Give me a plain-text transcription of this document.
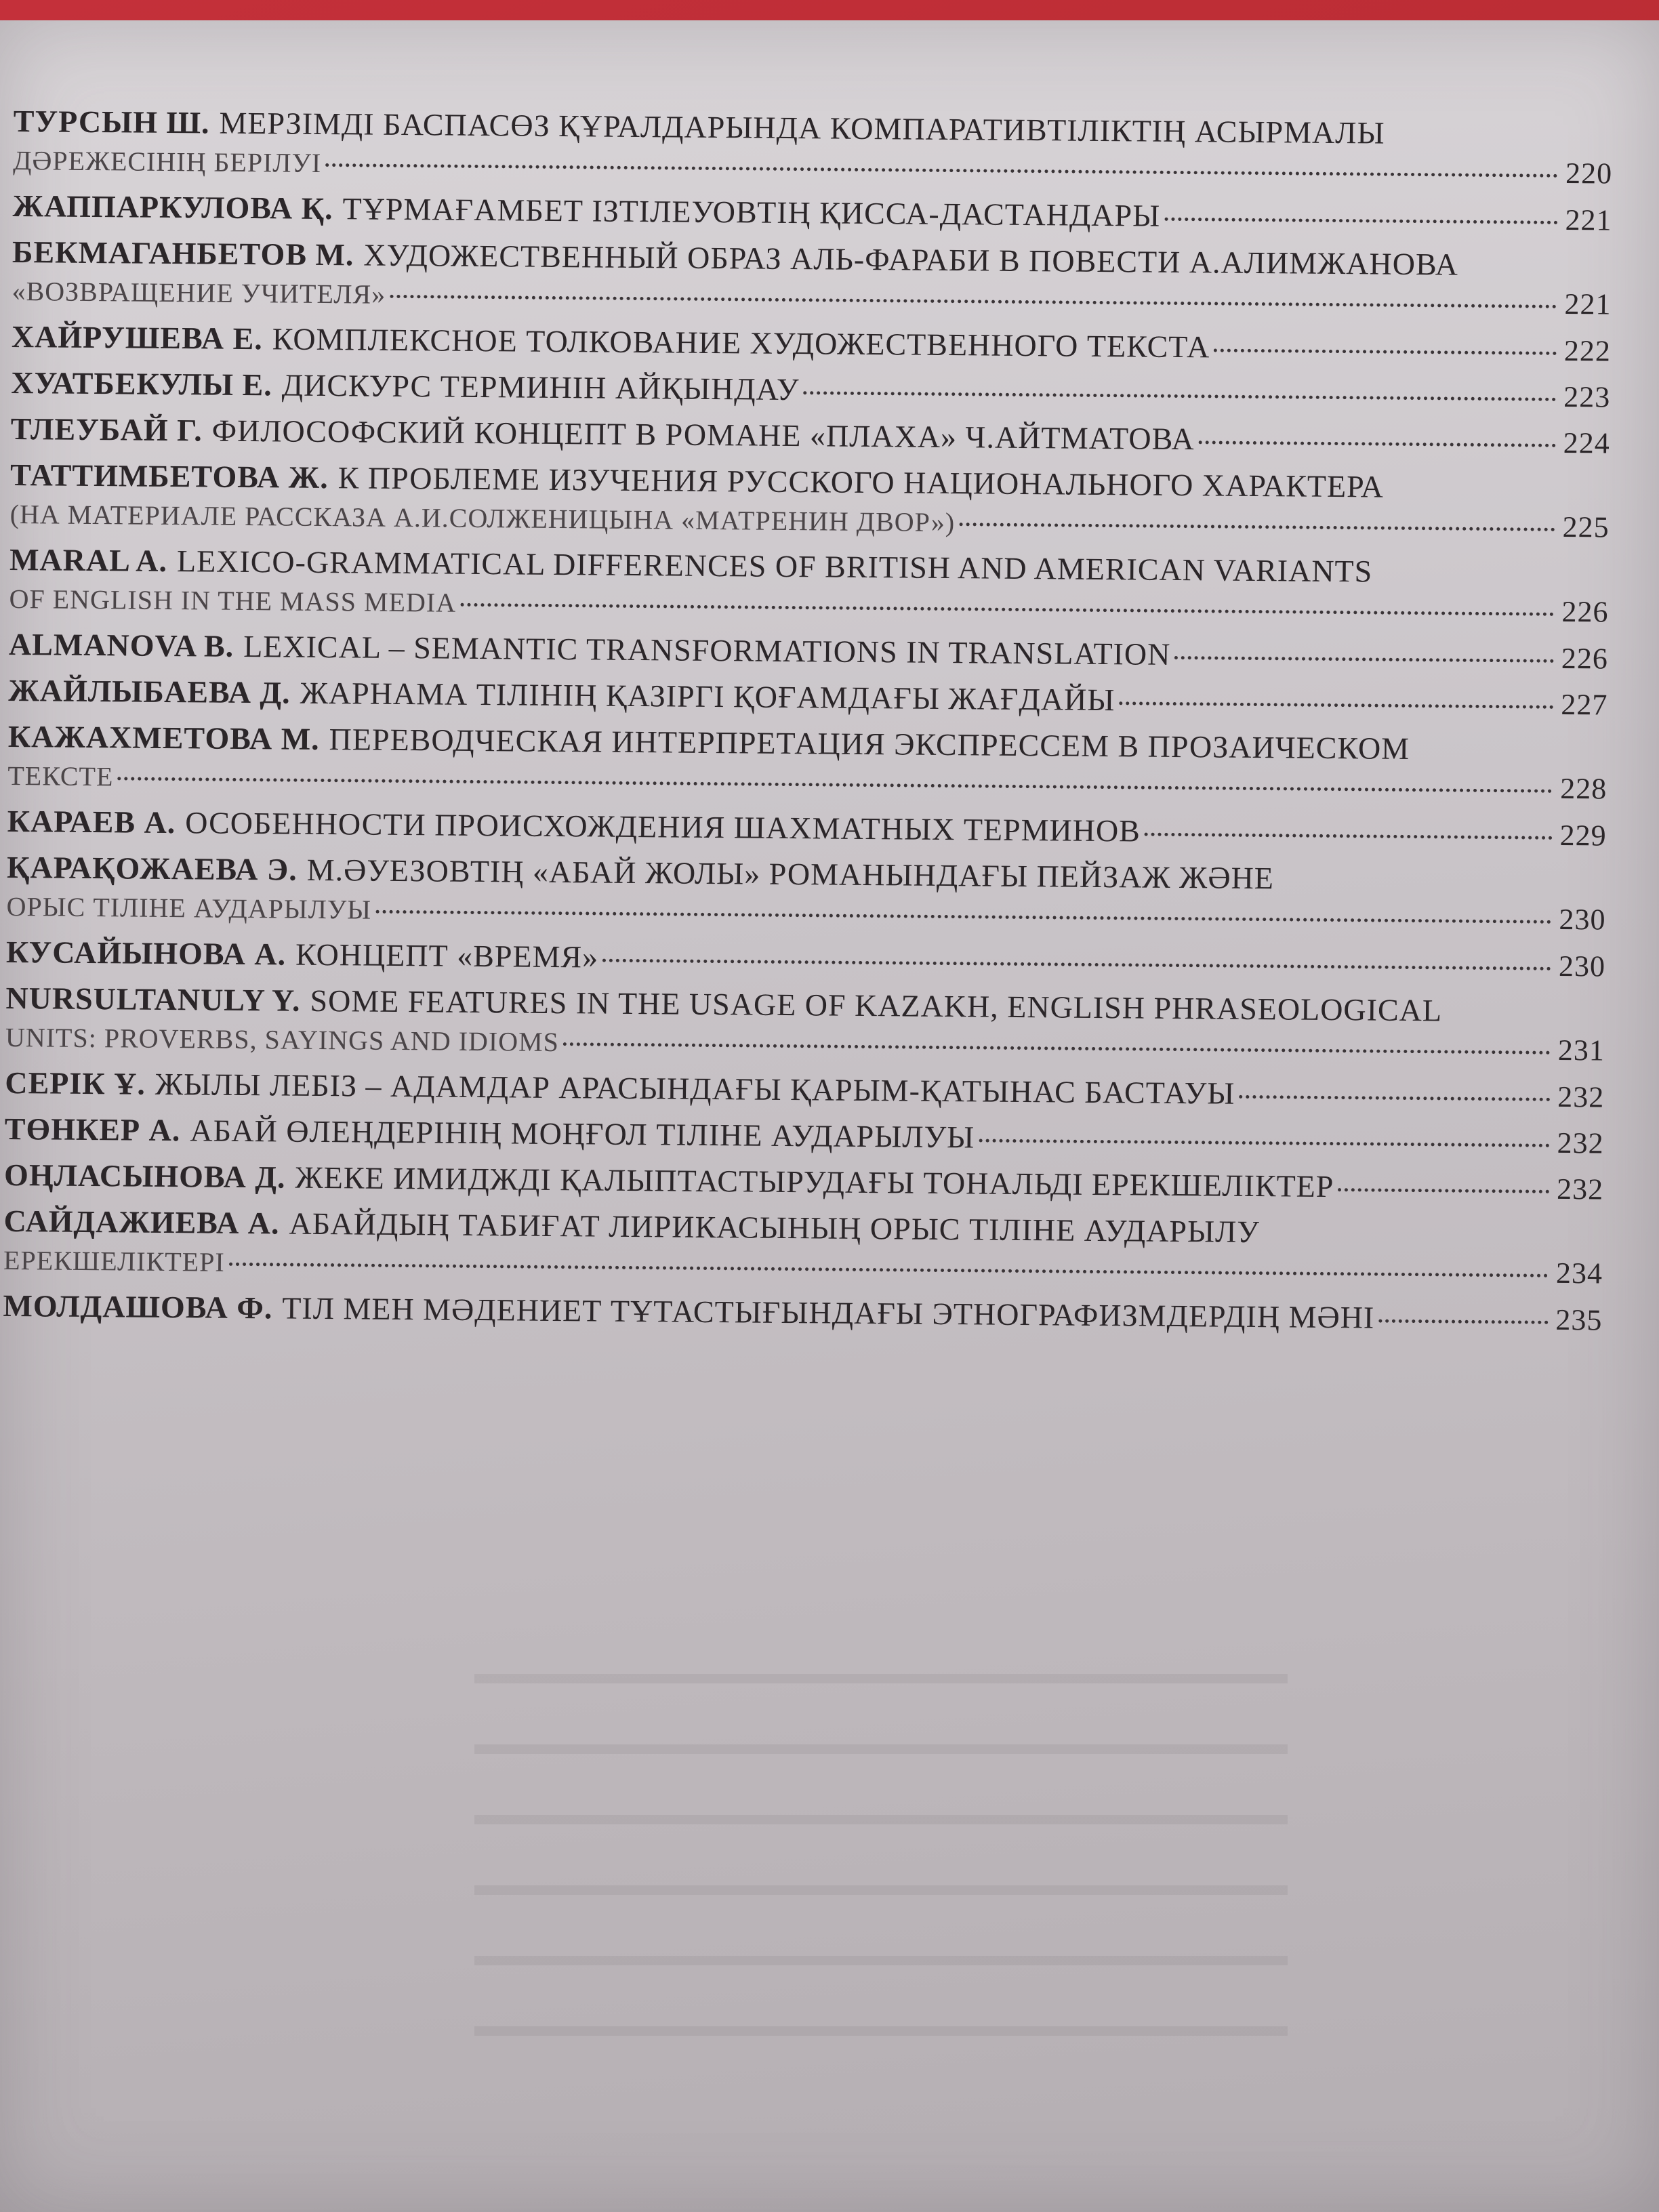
ТУРСЫН Ш. МЕРЗІМДІ БАСПАСӨЗ ҚҰРАЛДАРЫНДА КОМПАРАТИВТІЛІКТІҢ АСЫРМАЛЫ
ДӘРЕЖЕСІНІҢ БЕРІЛУІ	220
ЖАППАРКУЛОВА Қ. ТҰРМАҒАМБЕТ ІЗТІЛЕУОВТІҢ ҚИССА-ДАСТАНДАРЫ	221
БЕКМАГАНБЕТОВ М. ХУДОЖЕСТВЕННЫЙ ОБРАЗ АЛЬ-ФАРАБИ В ПОВЕСТИ А.АЛИМЖАНОВА
«ВОЗВРАЩЕНИЕ УЧИТЕЛЯ»	221
ХАЙРУШЕВА Е. КОМПЛЕКСНОЕ ТОЛКОВАНИЕ ХУДОЖЕСТВЕННОГО ТЕКСТА	222
ХУАТБЕКУЛЫ Е. ДИСКУРС ТЕРМИНІН АЙҚЫНДАУ	223
ТЛЕУБАЙ Г. ФИЛОСОФСКИЙ КОНЦЕПТ В РОМАНЕ «ПЛАХА» Ч.АЙТМАТОВА	224
ТАТТИМБЕТОВА Ж. К ПРОБЛЕМЕ ИЗУЧЕНИЯ РУССКОГО НАЦИОНАЛЬНОГО ХАРАКТЕРА
(НА МАТЕРИАЛЕ РАССКАЗА А.И.СОЛЖЕНИЦЫНА «МАТРЕНИН ДВОР»)	225
MARAL A. LEXICO-GRAMMATICAL DIFFERENCES OF BRITISH AND AMERICAN VARIANTS
OF ENGLISH IN THE MASS MEDIA	226
ALMANOVA B. LEXICAL – SEMANTIC TRANSFORMATIONS IN TRANSLATION	226
ЖАЙЛЫБАЕВА Д. ЖАРНАМА ТІЛІНІҢ ҚАЗІРГІ ҚОҒАМДАҒЫ ЖАҒДАЙЫ	227
КАЖАХМЕТОВА М. ПЕРЕВОДЧЕСКАЯ ИНТЕРПРЕТАЦИЯ ЭКСПРЕССЕМ В ПРОЗАИЧЕСКОМ
ТЕКСТЕ	228
КАРАЕВ А. ОСОБЕННОСТИ ПРОИСХОЖДЕНИЯ ШАХМАТНЫХ ТЕРМИНОВ	229
ҚАРАҚОЖАЕВА Э. М.ӘУЕЗОВТІҢ «АБАЙ ЖОЛЫ» РОМАНЫНДАҒЫ ПЕЙЗАЖ ЖӘНЕ
ОРЫС ТІЛІНЕ АУДАРЫЛУЫ	230
КУСАЙЫНОВА А. КОНЦЕПТ «ВРЕМЯ»	230
NURSULTANULY Y. SOME FEATURES IN THE USAGE OF KAZAKH, ENGLISH PHRASEOLOGICAL
UNITS: PROVERBS, SAYINGS AND IDIOMS	231
СЕРІК Ұ. ЖЫЛЫ ЛЕБІЗ – АДАМДАР АРАСЫНДАҒЫ ҚАРЫМ-ҚАТЫНАС БАСТАУЫ	232
ТӨНКЕР А. АБАЙ ӨЛЕҢДЕРІНІҢ МОҢҒОЛ ТІЛІНЕ АУДАРЫЛУЫ	232
ОҢЛАСЫНОВА Д. ЖЕКЕ ИМИДЖДІ ҚАЛЫПТАСТЫРУДАҒЫ ТОНАЛЬДІ ЕРЕКШЕЛІКТЕР	232
САЙДАЖИЕВА А. АБАЙДЫҢ ТАБИҒАТ ЛИРИКАСЫНЫҢ ОРЫС ТІЛІНЕ АУДАРЫЛУ
ЕРЕКШЕЛІКТЕРІ	234
МОЛДАШОВА Ф. ТІЛ МЕН МӘДЕНИЕТ ТҰТАСТЫҒЫНДАҒЫ ЭТНОГРАФИЗМДЕРДІҢ МӘНІ	235
